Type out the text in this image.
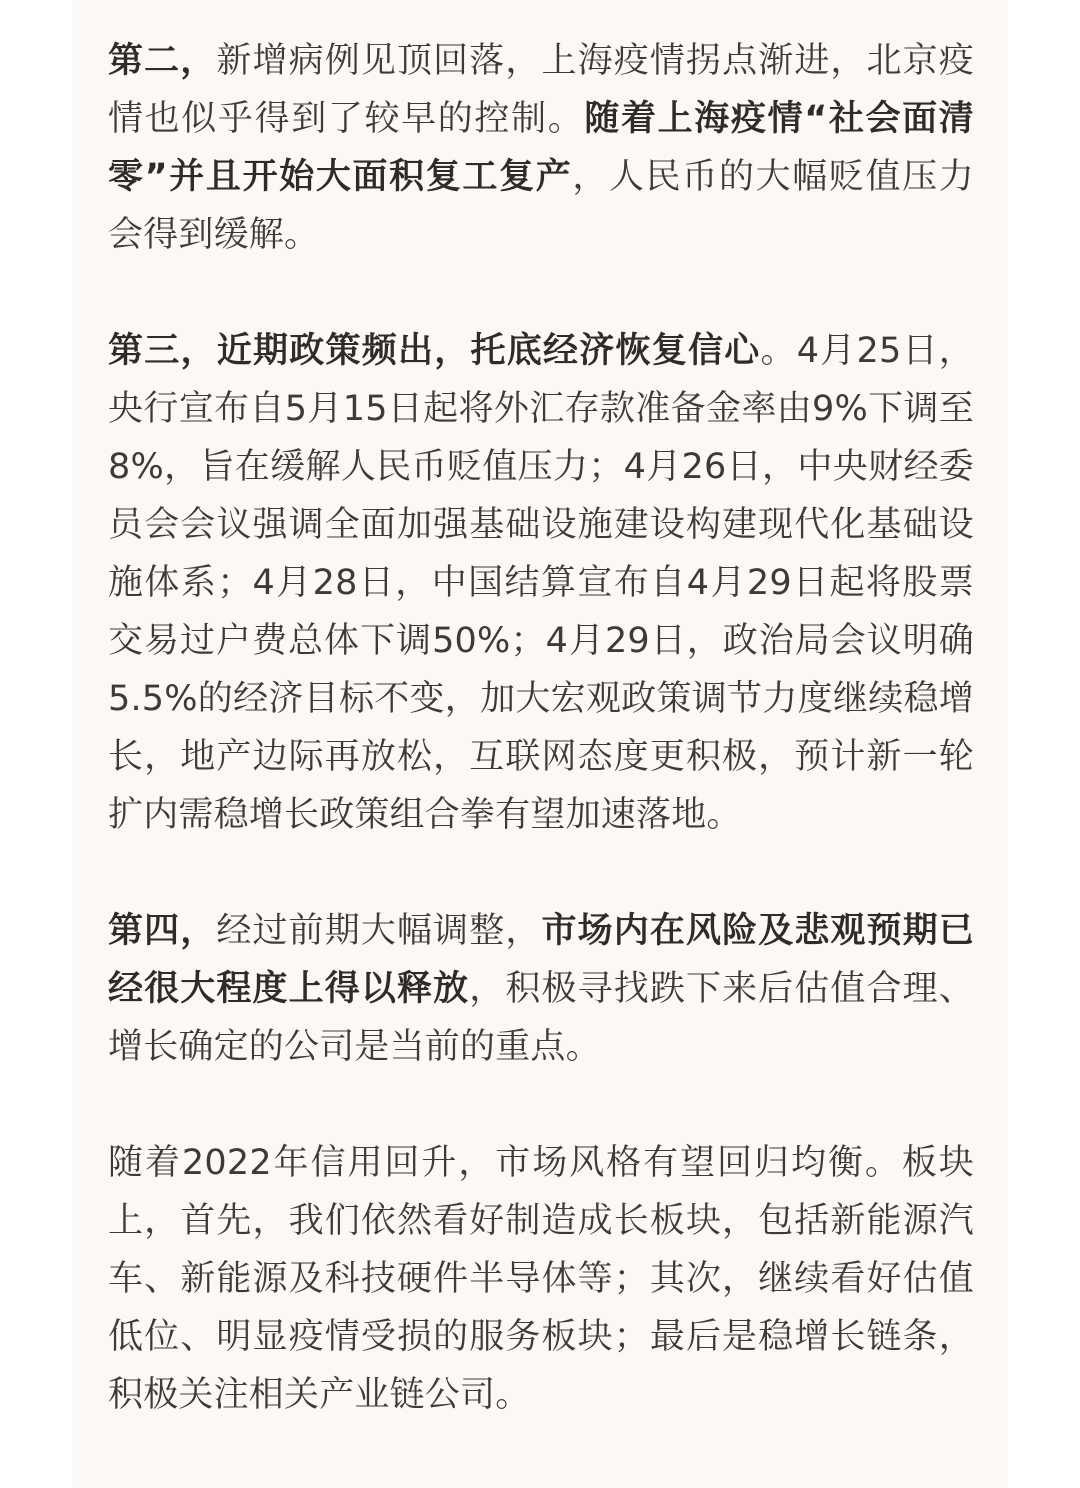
第二，新增病例见顶回落，上海疫情拐点渐进，北京疫情也似乎得到了较早的控制。随着上海疫情“社会面清零”并且开始大面积复工复产，人民币的大幅贬值压力会得到缓解。

第三，近期政策频出，托底经济恢复信心。4月25日，央行宣布自5月15日起将外汇存款准备金率由9%下调至8%，旨在缓解人民币贬值压力；4月26日，中央财经委员会会议强调全面加强基础设施建设构建现代化基础设施体系；4月28日，中国结算宣布自4月29日起将股票交易过户费总体下调50%；4月29日，政治局会议明确5.5%的经济目标不变，加大宏观政策调节力度继续稳增长，地产边际再放松，互联网态度更积极，预计新一轮扩内需稳增长政策组合拳有望加速落地。

第四，经过前期大幅调整，市场内在风险及悲观预期已经很大程度上得以释放，积极寻找跌下来后估值合理、增长确定的公司是当前的重点。

随着2022年信用回升，市场风格有望回归均衡。板块上，首先，我们依然看好制造成长板块，包括新能源汽车、新能源及科技硬件半导体等；其次，继续看好估值低位、明显疫情受损的服务板块；最后是稳增长链条，积极关注相关产业链公司。
